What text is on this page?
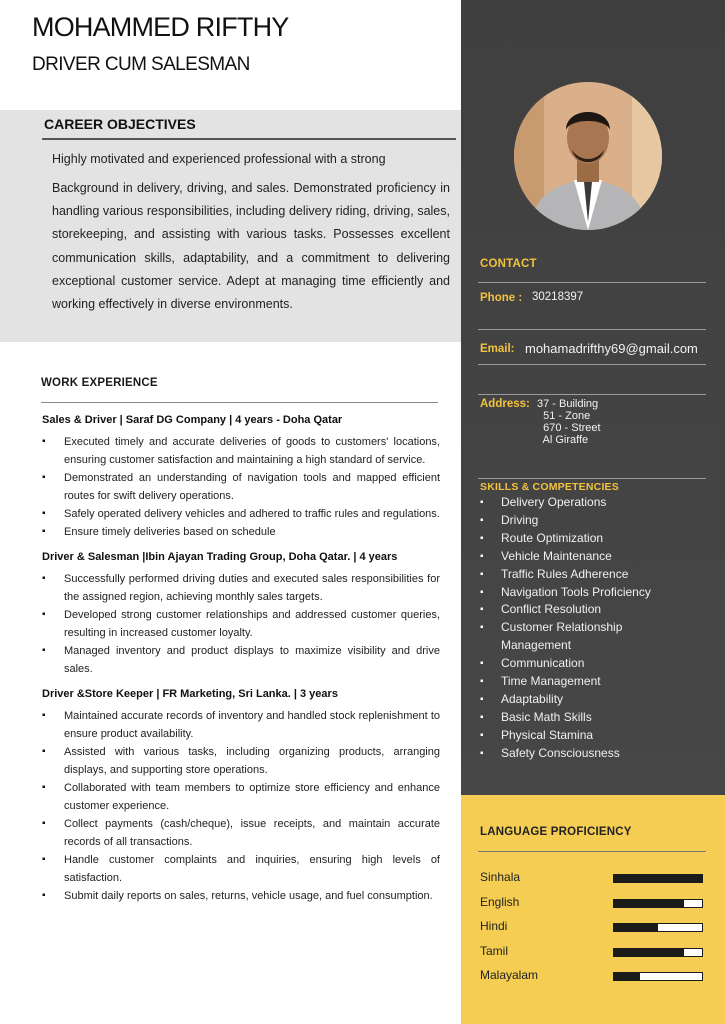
MOHAMMED RIFTHY
DRIVER CUM SALESMAN
CAREER OBJECTIVES
Highly motivated and experienced professional with a strong
Background in delivery, driving, and sales. Demonstrated proficiency in handling various responsibilities, including delivery riding, driving, sales, storekeeping, and assisting with various tasks. Possesses excellent communication skills, adaptability, and a commitment to delivering exceptional customer service. Adept at managing time efficiently and working effectively in diverse environments.
WORK EXPERIENCE
Sales & Driver | Saraf DG Company | 4 years - Doha Qatar
▪ Executed timely and accurate deliveries of goods to customers' locations, ensuring customer satisfaction and maintaining a high standard of service.
▪ Demonstrated an understanding of navigation tools and mapped efficient routes for swift delivery operations.
▪ Safely operated delivery vehicles and adhered to traffic rules and regulations.
▪ Ensure timely deliveries based on schedule
Driver & Salesman |Ibin Ajayan Trading Group, Doha Qatar. | 4 years
▪ Successfully performed driving duties and executed sales responsibilities for the assigned region, achieving monthly sales targets.
▪ Developed strong customer relationships and addressed customer queries, resulting in increased customer loyalty.
▪ Managed inventory and product displays to maximize visibility and drive sales.
Driver &Store Keeper | FR Marketing, Sri Lanka. | 3 years
▪ Maintained accurate records of inventory and handled stock replenishment to ensure product availability.
▪ Assisted with various tasks, including organizing products, arranging displays, and supporting store operations.
▪ Collaborated with team members to optimize store efficiency and enhance customer experience.
▪ Collect payments (cash/cheque), issue receipts, and maintain accurate records of all transactions.
▪ Handle customer complaints and inquiries, ensuring high levels of satisfaction.
▪ Submit daily reports on sales, returns, vehicle usage, and fuel consumption.
CONTACT
Phone : 30218397
Email: mohamadrifthy69@gmail.com
Address: 37 - Building
51 - Zone
670 - Street
Al Giraffe
SKILLS & COMPETENCIES
▪ Delivery Operations
▪ Driving
▪ Route Optimization
▪ Vehicle Maintenance
▪ Traffic Rules Adherence
▪ Navigation Tools Proficiency
▪ Conflict Resolution
▪ Customer Relationship Management
▪ Communication
▪ Time Management
▪ Adaptability
▪ Basic Math Skills
▪ Physical Stamina
▪ Safety Consciousness
LANGUAGE PROFICIENCY
Sinhala
English
Hindi
Tamil
Malayalam
